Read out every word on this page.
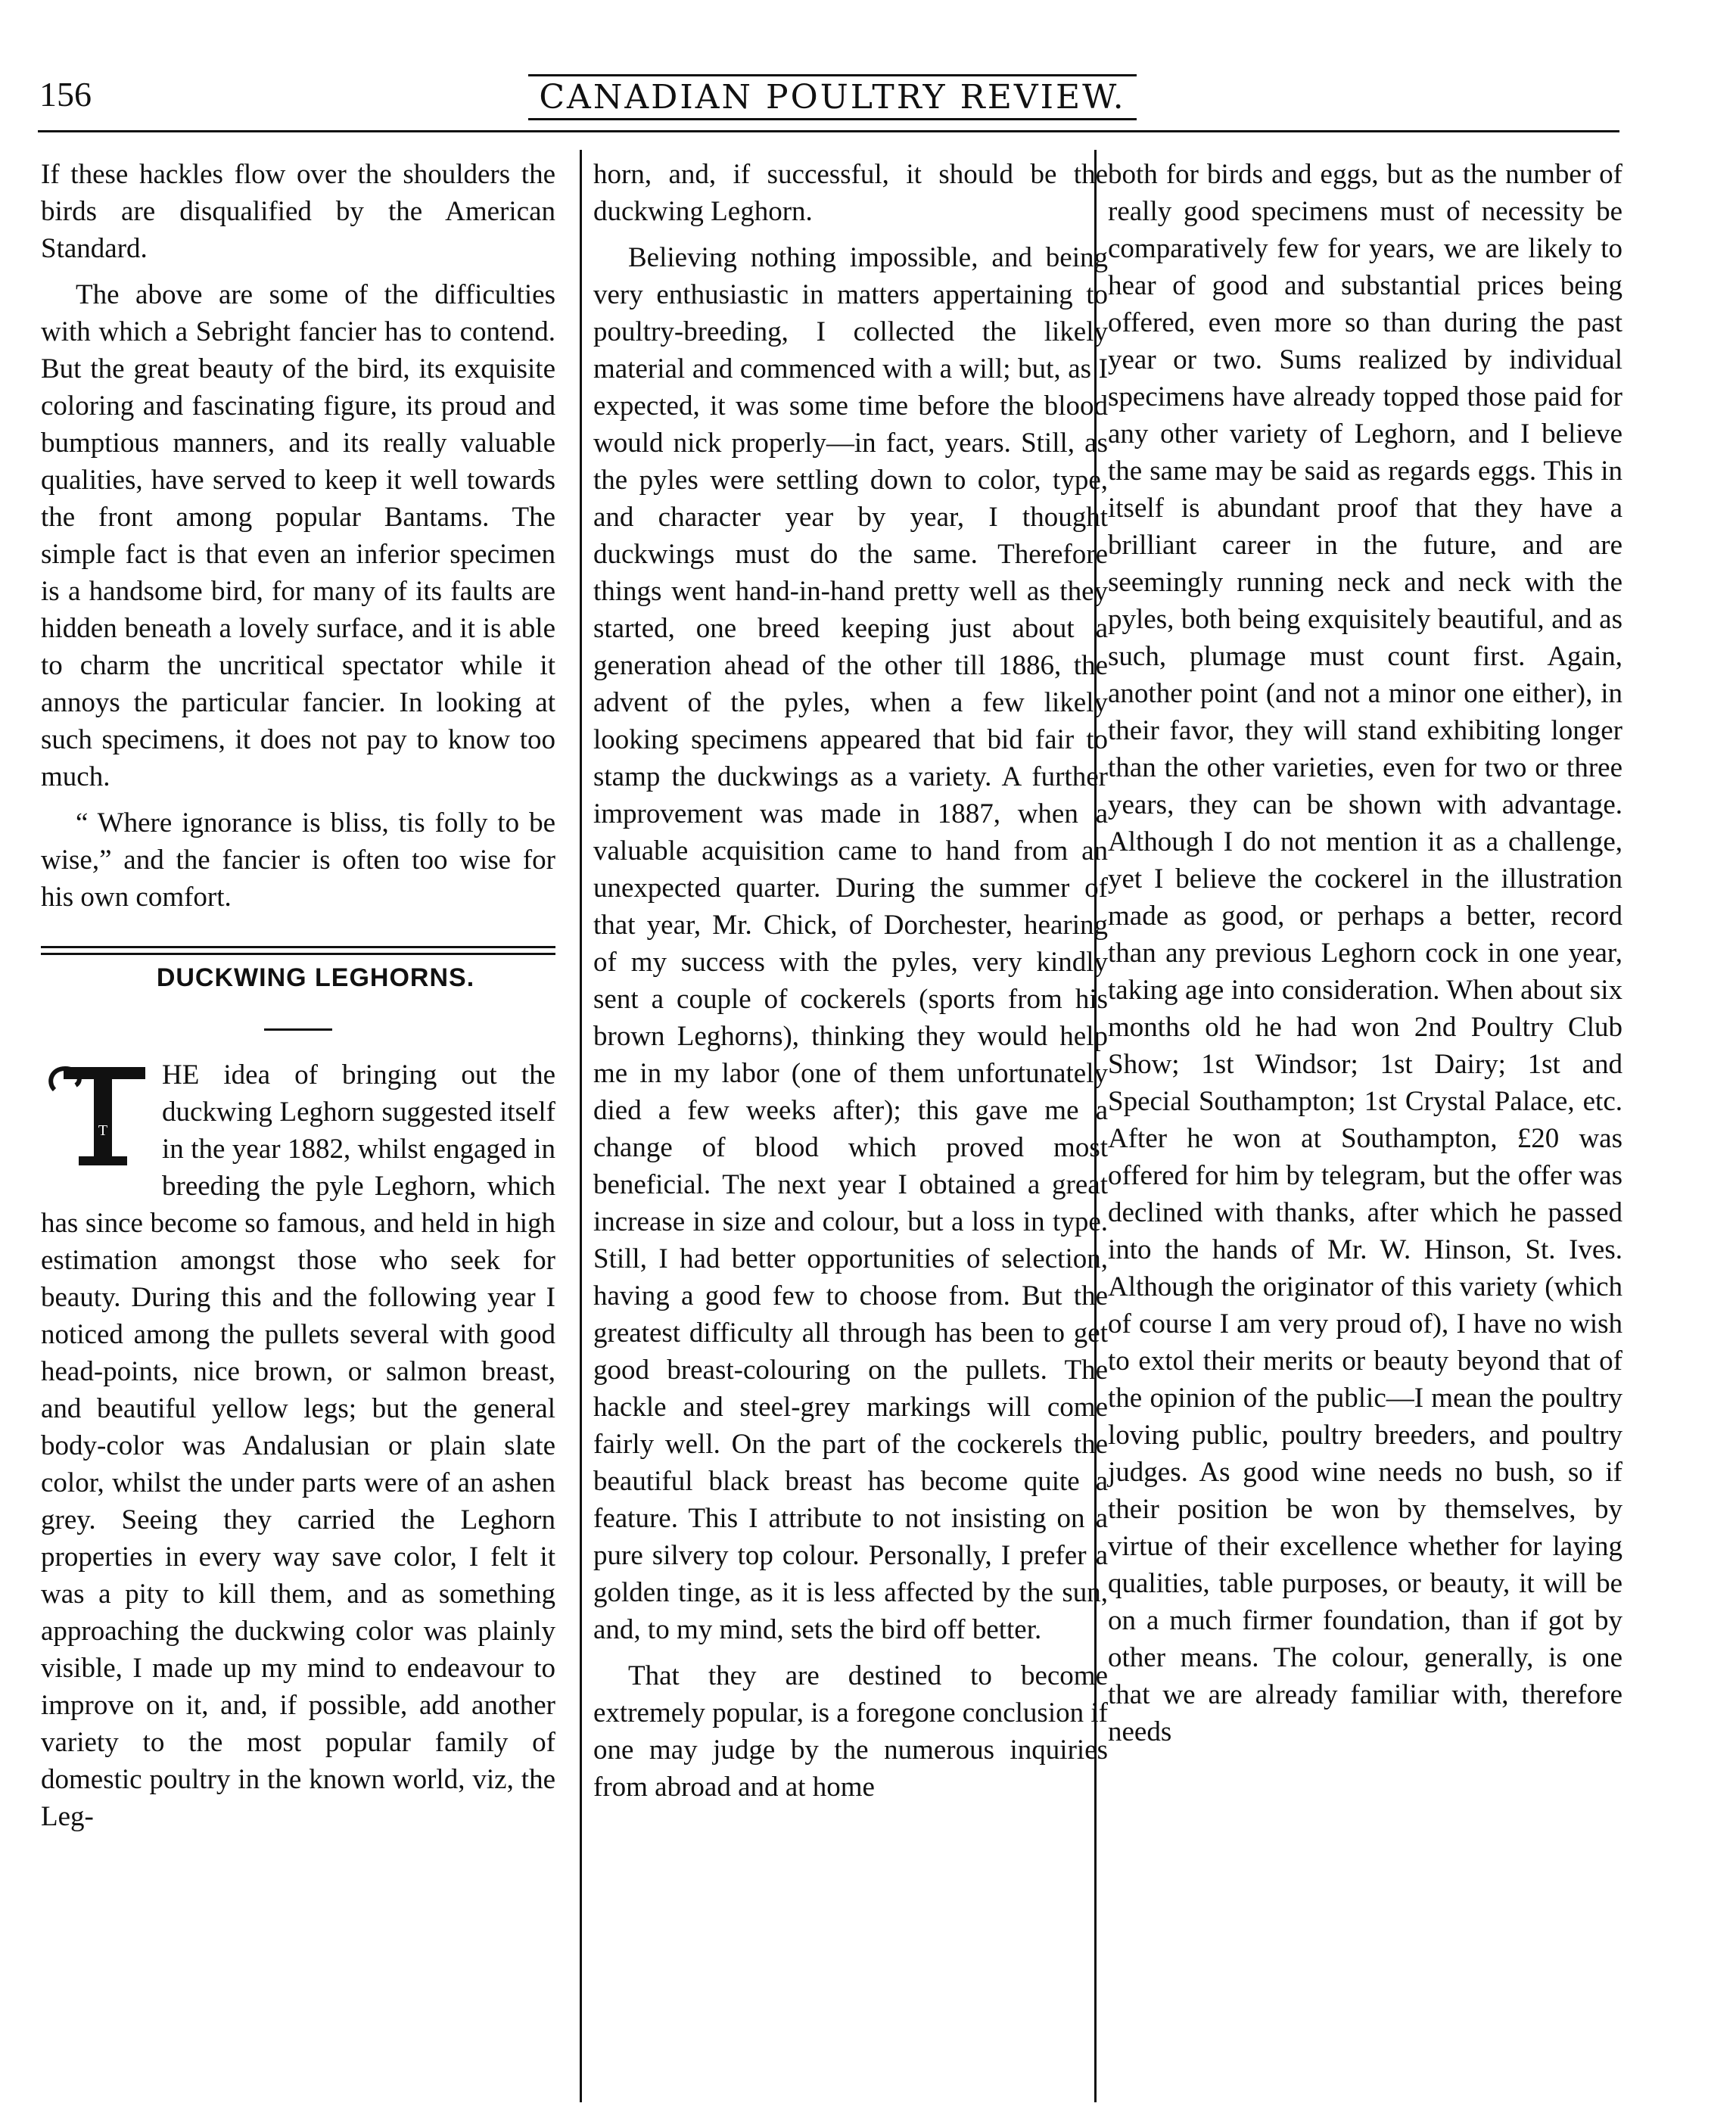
156	CANADIAN POULTRY REVIEW.

If these hackles flow over the shoulders the birds are disqualified by the American Standard.

The above are some of the difficulties with which a Sebright fancier has to contend. But the great beauty of the bird, its exquisite coloring and fascinating figure, its proud and bumptious manners, and its really valuable qualities, have served to keep it well towards the front among popular Bantams. The simple fact is that even an inferior specimen is a handsome bird, for many of its faults are hidden beneath a lovely surface, and it is able to charm the uncritical spectator while it annoys the particular fancier. In looking at such specimens, it does not pay to know too much.

“ Where ignorance is bliss, tis folly to be wise,” and the fancier is often too wise for his own comfort.

DUCKWING LEGHORNS.

T

HE idea of bringing out the duckwing Leghorn suggested itself in the year 1882, whilst engaged in breeding the pyle Leghorn, which has since become so famous, and held in high estimation amongst those who seek for beauty. During this and the following year I noticed among the pullets several with good head-points, nice brown, or salmon breast, and beautiful yellow legs; but the general body-color was Andalusian or plain slate color, whilst the under parts were of an ashen grey. Seeing they carried the Leghorn properties in every way save color, I felt it was a pity to kill them, and as something approaching the duckwing color was plainly visible, I made up my mind to endeavour to improve on it, and, if possible, add another variety to the most popular family of domestic poultry in the known world, viz, the Leg-

horn, and, if successful, it should be the duckwing Leghorn.

Believing nothing impossible, and being very enthusiastic in matters appertaining to poultry-breeding, I collected the likely material and commenced with a will; but, as I expected, it was some time before the blood would nick properly—in fact, years. Still, as the pyles were settling down to color, type, and character year by year, I thought duckwings must do the same. Therefore things went hand-in-hand pretty well as they started, one breed keeping just about a generation ahead of the other till 1886, the advent of the pyles, when a few likely looking specimens appeared that bid fair to stamp the duckwings as a variety. A further improvement was made in 1887, when a valuable acquisition came to hand from an unexpected quarter. During the summer of that year, Mr. Chick, of Dorchester, hearing of my success with the pyles, very kindly sent a couple of cockerels (sports from his brown Leghorns), thinking they would help me in my labor (one of them unfortunately died a few weeks after); this gave me a change of blood which proved most beneficial. The next year I obtained a great increase in size and colour, but a loss in type. Still, I had better opportunities of selection, having a good few to choose from. But the greatest difficulty all through has been to get good breast-colouring on the pullets. The hackle and steel-grey markings will come fairly well. On the part of the cockerels the beautiful black breast has become quite a feature. This I attribute to not insisting on a pure silvery top colour. Personally, I prefer a golden tinge, as it is less affected by the sun, and, to my mind, sets the bird off better.

That they are destined to become extremely popular, is a foregone conclusion if one may judge by the numerous inquiries from abroad and at home

both for birds and eggs, but as the number of really good specimens must of necessity be comparatively few for years, we are likely to hear of good and substantial prices being offered, even more so than during the past year or two. Sums realized by individual specimens have already topped those paid for any other variety of Leghorn, and I believe the same may be said as regards eggs. This in itself is abundant proof that they have a brilliant career in the future, and are seemingly running neck and neck with the pyles, both being exquisitely beautiful, and as such, plumage must count first. Again, another point (and not a minor one either), in their favor, they will stand exhibiting longer than the other varieties, even for two or three years, they can be shown with advantage. Although I do not mention it as a challenge, yet I believe the cockerel in the illustration made as good, or perhaps a better, record than any previous Leghorn cock in one year, taking age into consideration. When about six months old he had won 2nd Poultry Club Show; 1st Windsor; 1st Dairy; 1st and Special Southampton; 1st Crystal Palace, etc. After he won at Southampton, £20 was offered for him by telegram, but the offer was declined with thanks, after which he passed into the hands of Mr. W. Hinson, St. Ives. Although the originator of this variety (which of course I am very proud of), I have no wish to extol their merits or beauty beyond that of the opinion of the public—I mean the poultry loving public, poultry breeders, and poultry judges. As good wine needs no bush, so if their position be won by themselves, by virtue of their excellence whether for laying qualities, table purposes, or beauty, it will be on a much firmer foundation, than if got by other means. The colour, generally, is one that we are already familiar with, therefore needs
